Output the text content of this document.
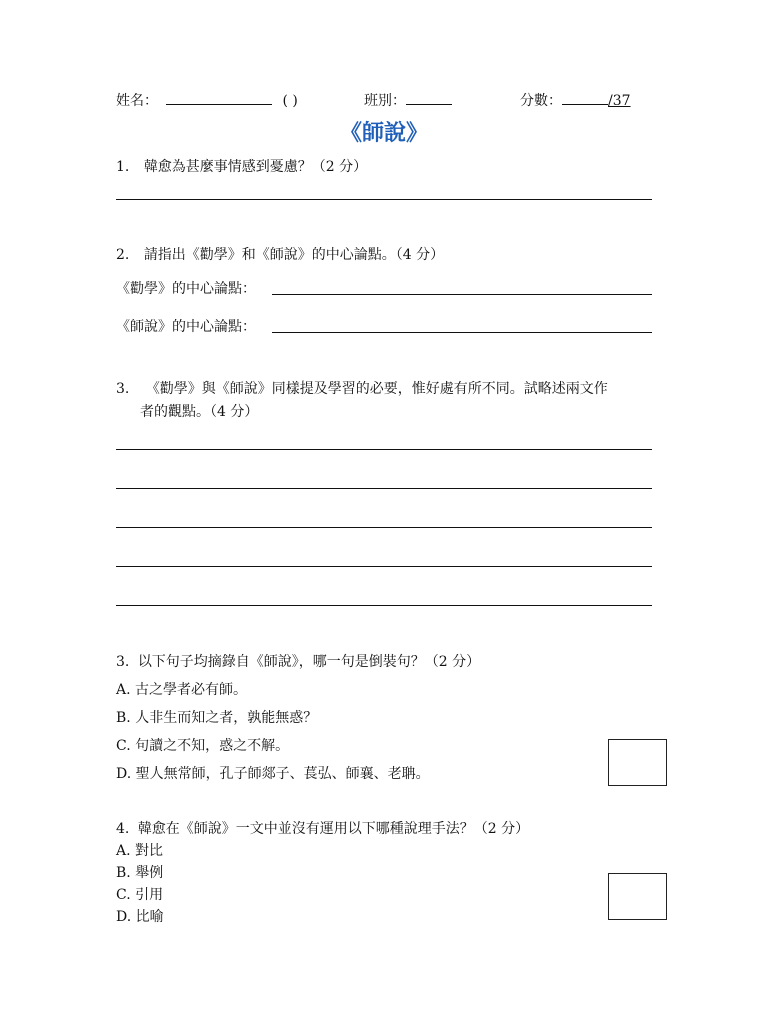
姓名：	( )	班別：	分數：	/37
《師說》
1. 韓愈為甚麼事情感到憂慮？（2 分）
2. 請指出《勸學》和《師說》的中心論點。（4 分）
《勸學》的中心論點：
《師說》的中心論點：
3. 《勸學》與《師說》同樣提及學習的必要，惟好處有所不同。試略述兩文作
者的觀點。（4 分）
3. 以下句子均摘錄自《師說》，哪一句是倒裝句？（2 分）
A. 古之學者必有師。
B. 人非生而知之者，孰能無惑？
C. 句讀之不知，惑之不解。
D. 聖人無常師，孔子師郯子、萇弘、師襄、老聃。
4. 韓愈在《師說》一文中並沒有運用以下哪種說理手法？（2 分）
A. 對比
B. 舉例
C. 引用
D. 比喻
